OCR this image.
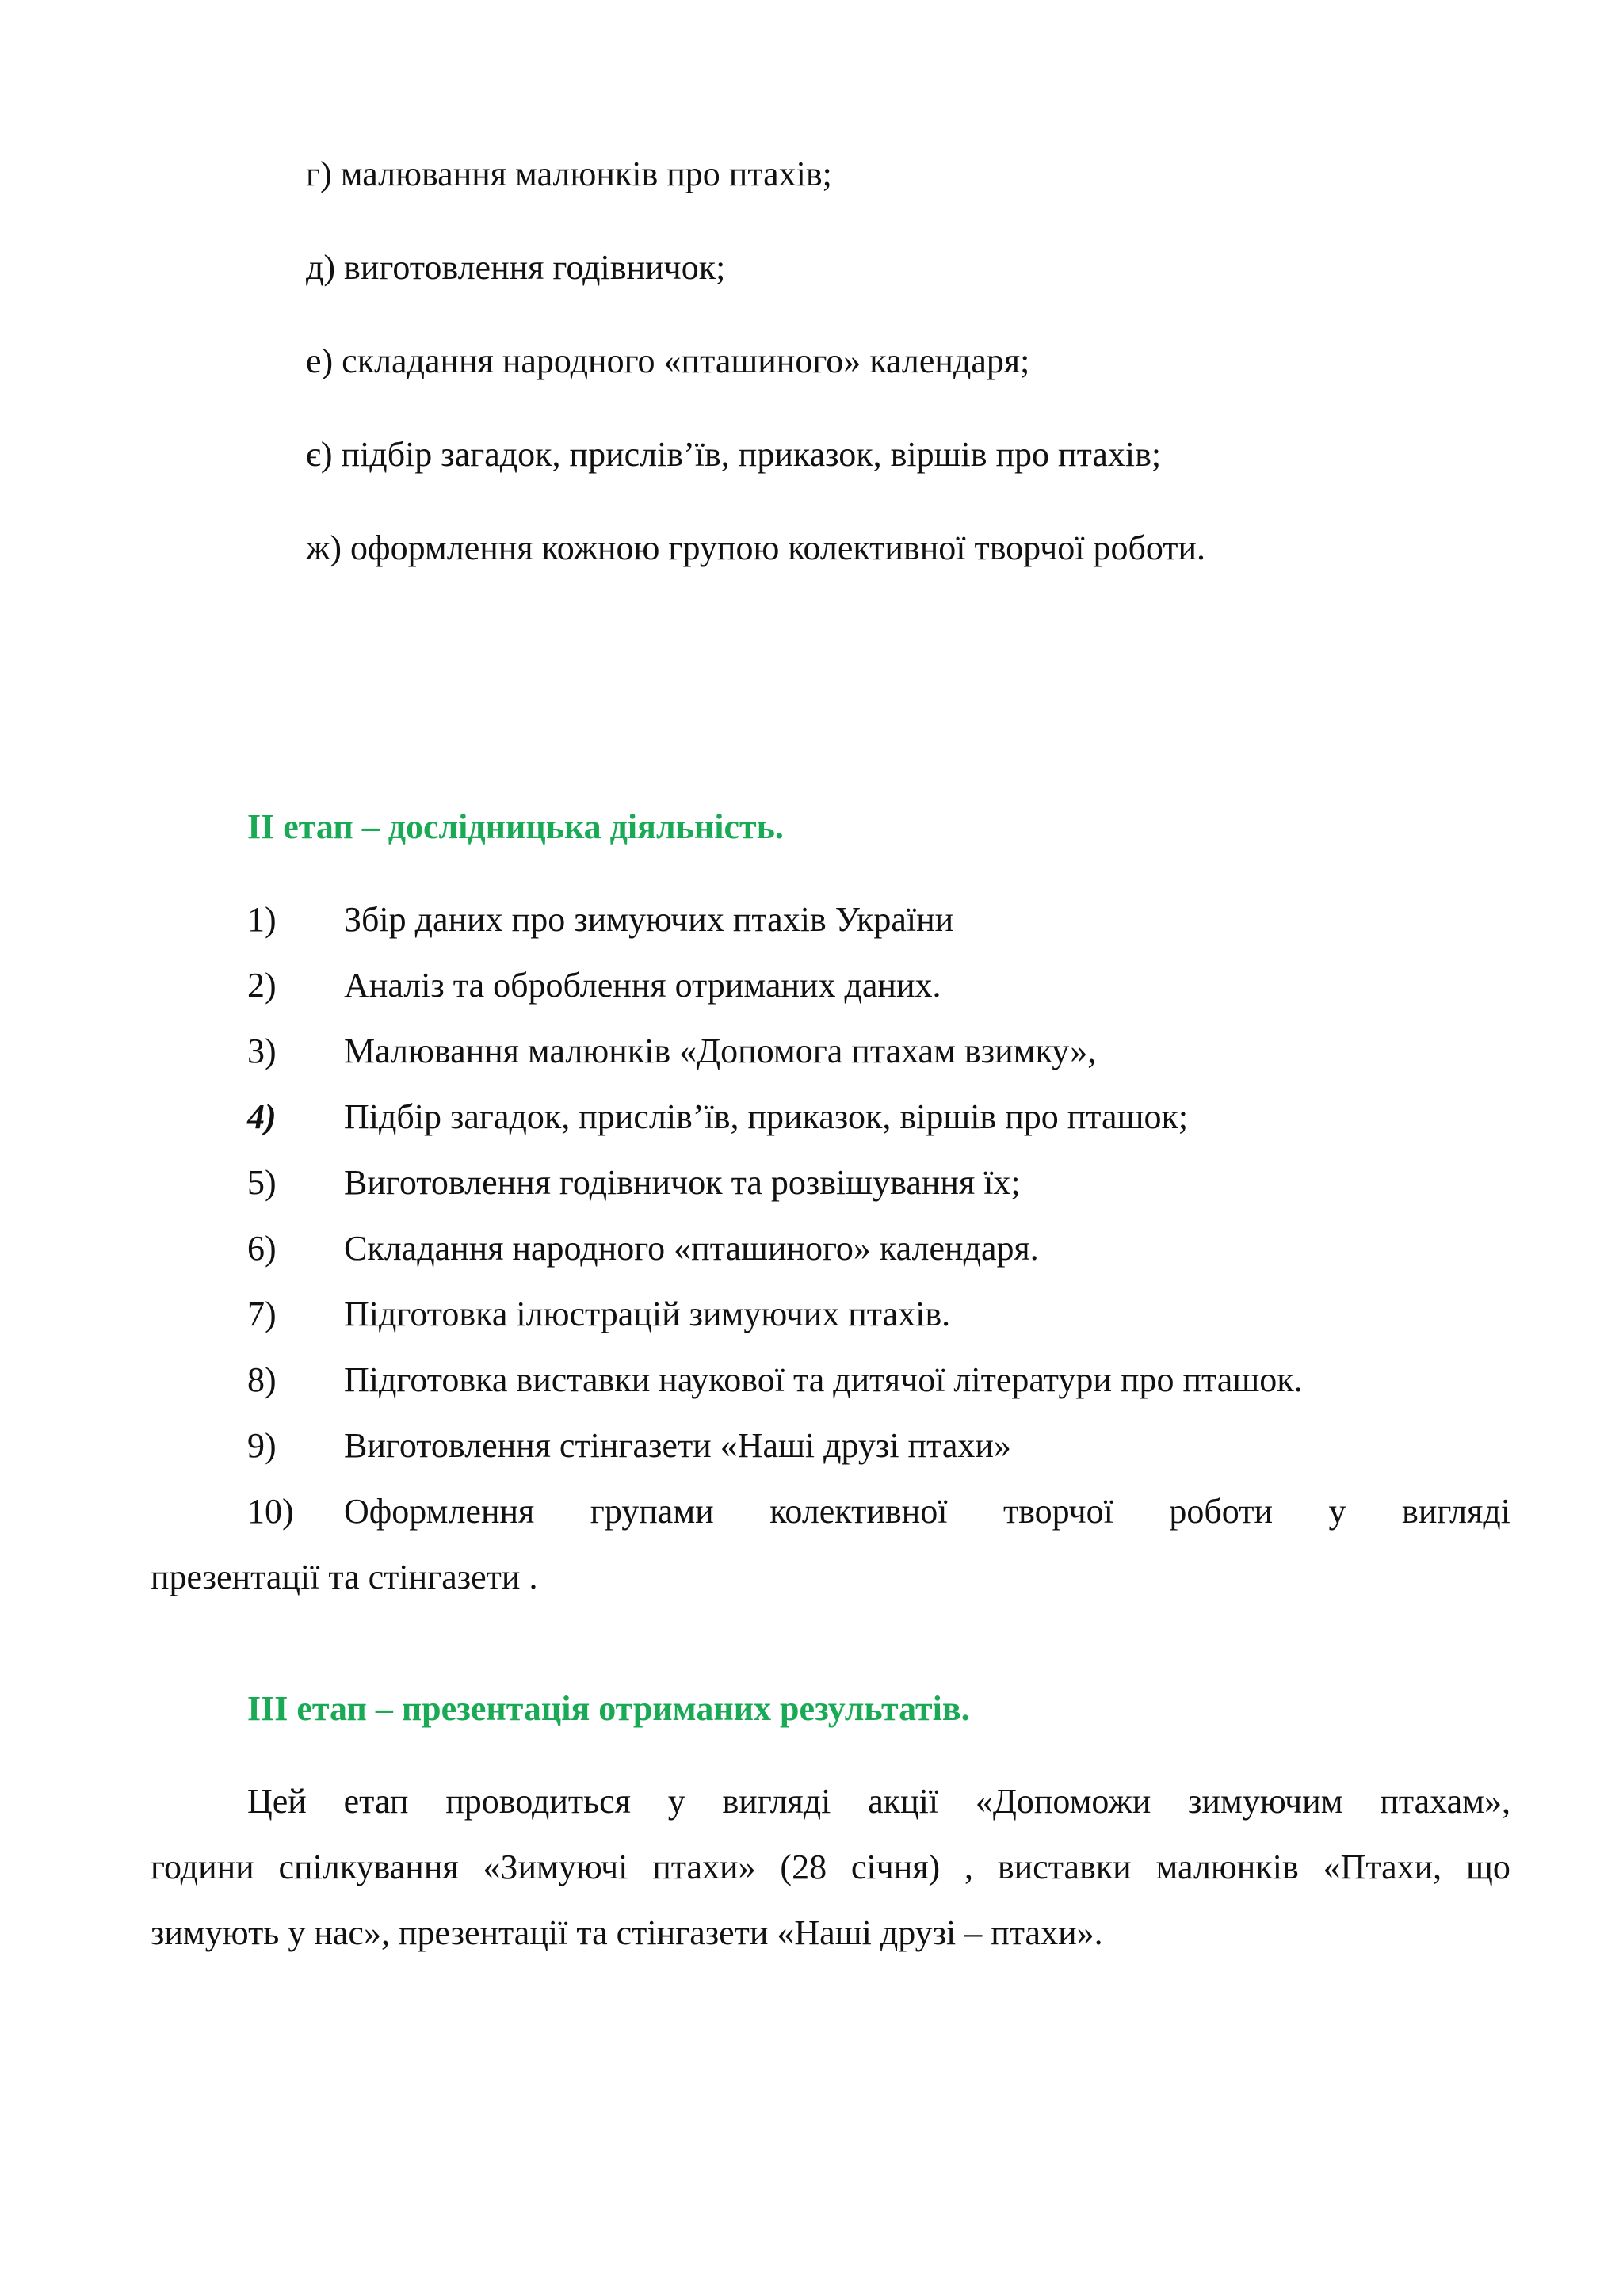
г) малювання малюнків про птахів;
д) виготовлення годівничок;
е) складання народного «пташиного» календаря;
є) підбір загадок, прислів’їв, приказок, віршів про птахів;
ж) оформлення кожною групою колективної творчої роботи.
ІІ етап – дослідницька діяльність.
1) Збір даних про зимуючих птахів України
2) Аналіз та оброблення отриманих даних.
3) Малювання малюнків «Допомога птахам взимку»,
4) Підбір загадок, прислів’їв, приказок, віршів про пташок;
5) Виготовлення годівничок та розвішування їх;
6) Складання народного «пташиного» календаря.
7) Підготовка ілюстрацій зимуючих птахів.
8) Підготовка виставки наукової та дитячої літератури про пташок.
9) Виготовлення стінгазети «Наші друзі птахи»
10) Оформлення групами колективної творчої роботи у вигляді
презентації та стінгазети .
ІІІ етап – презентація отриманих результатів.
Цей етап проводиться у вигляді акції «Допоможи зимуючим птахам»,
години спілкування «Зимуючі птахи» (28 січня) , виставки малюнків «Птахи, що
зимують у нас», презентації та стінгазети «Наші друзі – птахи».
